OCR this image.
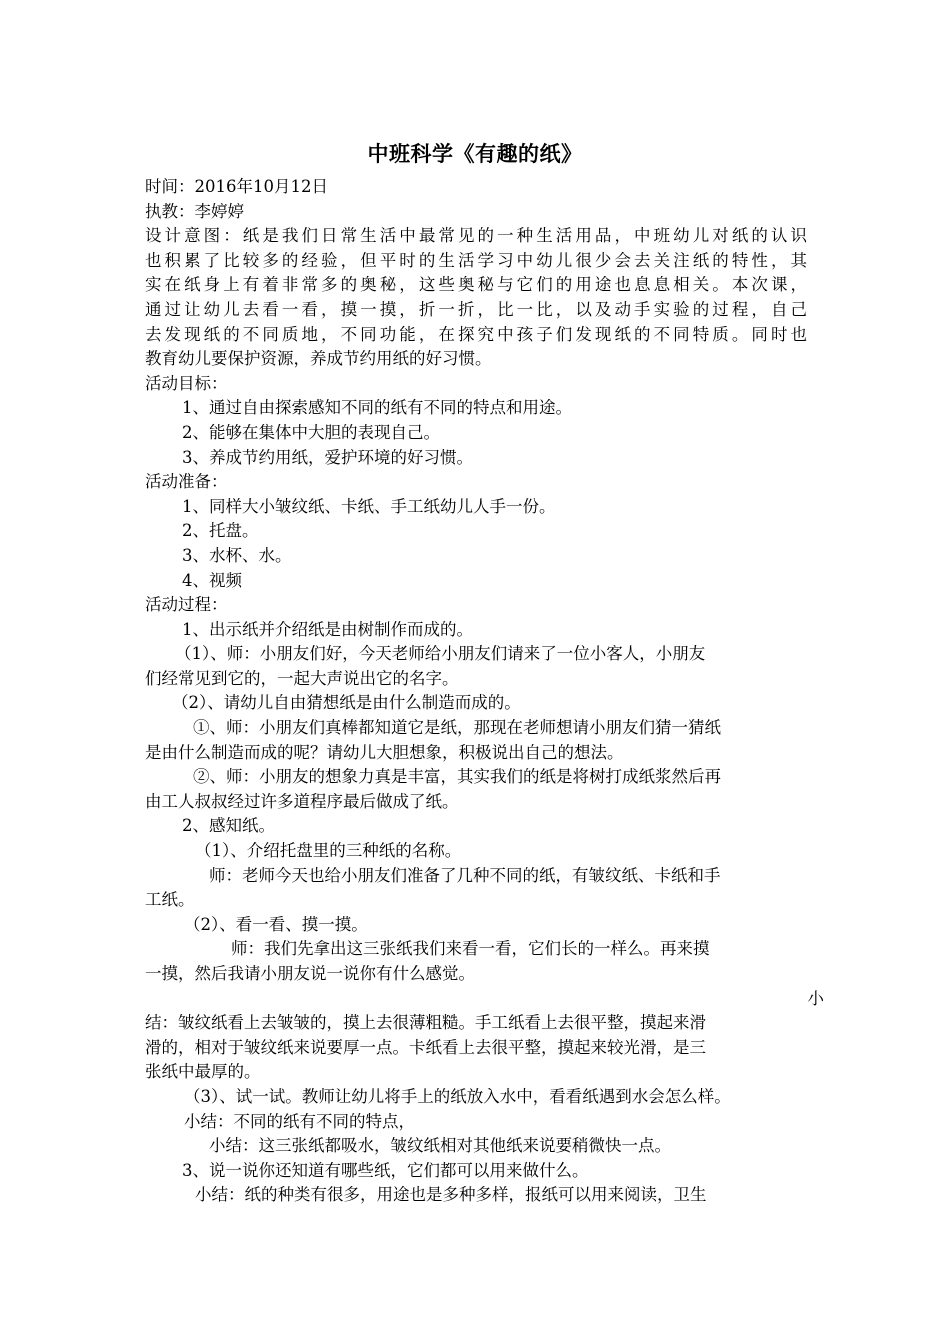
中班科学《有趣的纸》
时间：2016年10月12日
执教：李婷婷
设计意图：纸是我们日常生活中最常见的一种生活用品，中班幼儿对纸的认识
也积累了比较多的经验，但平时的生活学习中幼儿很少会去关注纸的特性，其
实在纸身上有着非常多的奥秘，这些奥秘与它们的用途也息息相关。本次课，
通过让幼儿去看一看，摸一摸，折一折，比一比，以及动手实验的过程，自己
去发现纸的不同质地，不同功能，在探究中孩子们发现纸的不同特质。同时也
教育幼儿要保护资源，养成节约用纸的好习惯。
活动目标：
1、通过自由探索感知不同的纸有不同的特点和用途。
2、能够在集体中大胆的表现自己。
3、养成节约用纸，爱护环境的好习惯。
活动准备：
1、同样大小皱纹纸、卡纸、手工纸幼儿人手一份。
2、托盘。
3、水杯、水。
4、视频
活动过程：
1、出示纸并介绍纸是由树制作而成的。
（1）、师：小朋友们好，今天老师给小朋友们请来了一位小客人，小朋友
们经常见到它的，一起大声说出它的名字。
（2）、请幼儿自由猜想纸是由什么制造而成的。
①、师：小朋友们真棒都知道它是纸，那现在老师想请小朋友们猜一猜纸
是由什么制造而成的呢？请幼儿大胆想象，积极说出自己的想法。
②、师：小朋友的想象力真是丰富，其实我们的纸是将树打成纸浆然后再
由工人叔叔经过许多道程序最后做成了纸。
2、感知纸。
（1）、介绍托盘里的三种纸的名称。
师：老师今天也给小朋友们准备了几种不同的纸，有皱纹纸、卡纸和手
工纸。
（2）、看一看、摸一摸。
师：我们先拿出这三张纸我们来看一看，它们长的一样么。再来摸
一摸，然后我请小朋友说一说你有什么感觉。
小
结：皱纹纸看上去皱皱的，摸上去很薄粗糙。手工纸看上去很平整，摸起来滑
滑的，相对于皱纹纸来说要厚一点。卡纸看上去很平整，摸起来较光滑，是三
张纸中最厚的。
（3）、试一试。教师让幼儿将手上的纸放入水中，看看纸遇到水会怎么样。
小结：不同的纸有不同的特点，
小结：这三张纸都吸水，皱纹纸相对其他纸来说要稍微快一点。
3、说一说你还知道有哪些纸，它们都可以用来做什么。
小结：纸的种类有很多，用途也是多种多样，报纸可以用来阅读，卫生
